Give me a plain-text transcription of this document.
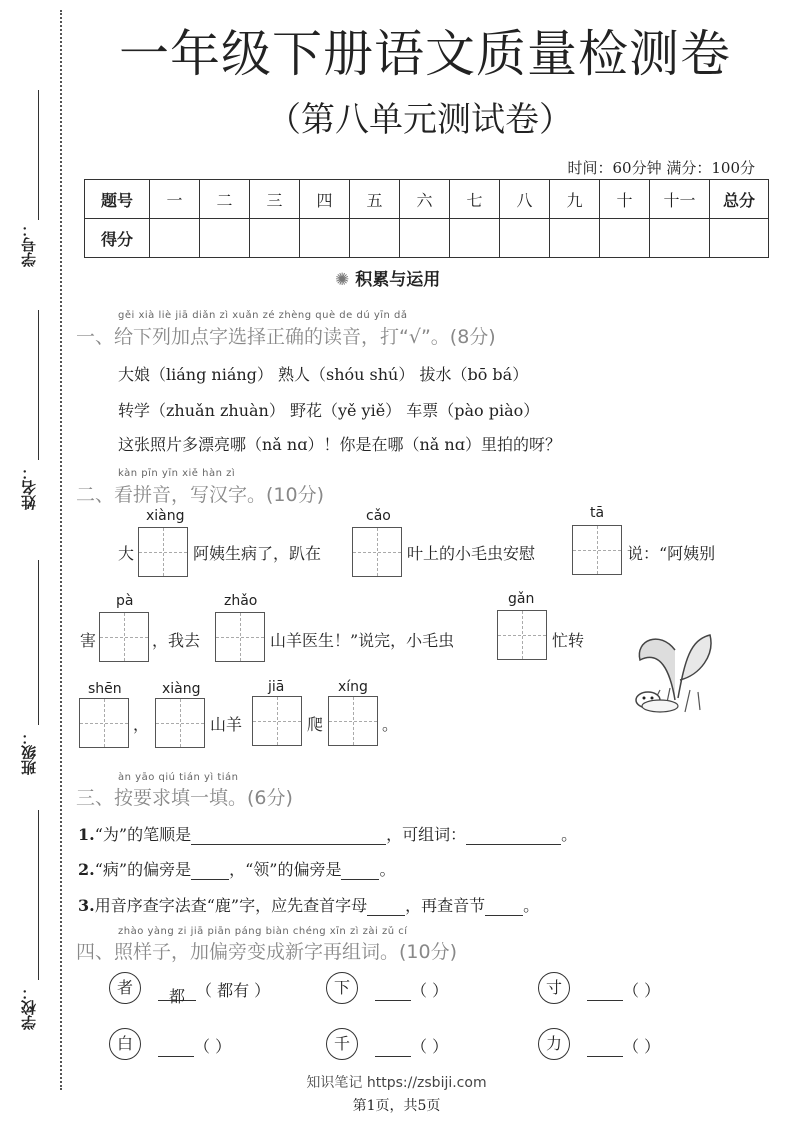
学号：
姓名：
班级：
学校：
一年级下册语文质量检测卷
（第八单元测试卷）
时间：60分钟 满分：100分
题号	一	二	三	四	五	六	七	八	九	十	十一	总分
得分												
✺ 积累与运用
gěi xià liè jiā diǎn zì xuǎn zé zhèng què de dú yīn dǎ
一、给下列加点字选择正确的读音，打“√”。(8分)
大娘（liáng niáng） 熟人（shóu shú） 拔水（bō bá）
转学（zhuǎn zhuàn） 野花（yě yiě） 车票（pào piào）
这张照片多漂亮哪（nǎ nɑ）！你是在哪（nǎ nɑ）里拍的呀？
kàn pīn yīn xiě hàn zì
二、看拼音，写汉字。(10分)
xiàng	cǎo	tā
大	阿姨生病了，趴在	叶上的小毛虫安慰	说：“阿姨别
pà	zhǎo	gǎn
害	，我去	山羊医生！”说完，小毛虫	忙转
shēn	xiàng	jiā	xíng
，	山羊	爬	。
àn yāo qiú tián yì tián
三、按要求填一填。(6分)
1.“为”的笔顺是	，可组词：	。
2.“病”的偏旁是 ，“领”的偏旁是 。
3.用音序查字法查“鹿”字，应先查首字母 ，再查音节 。
zhào yàng zi jiā piān páng biàn chéng xīn zì zài zǔ cí
四、照样子，加偏旁变成新字再组词。(10分)
者	都 （ 都有 ）	下	（ ）	寸	（ ）
白	（ ）	千	（ ）	力	（ ）
知识笔记 https://zsbiji.com
第1页，共5页
